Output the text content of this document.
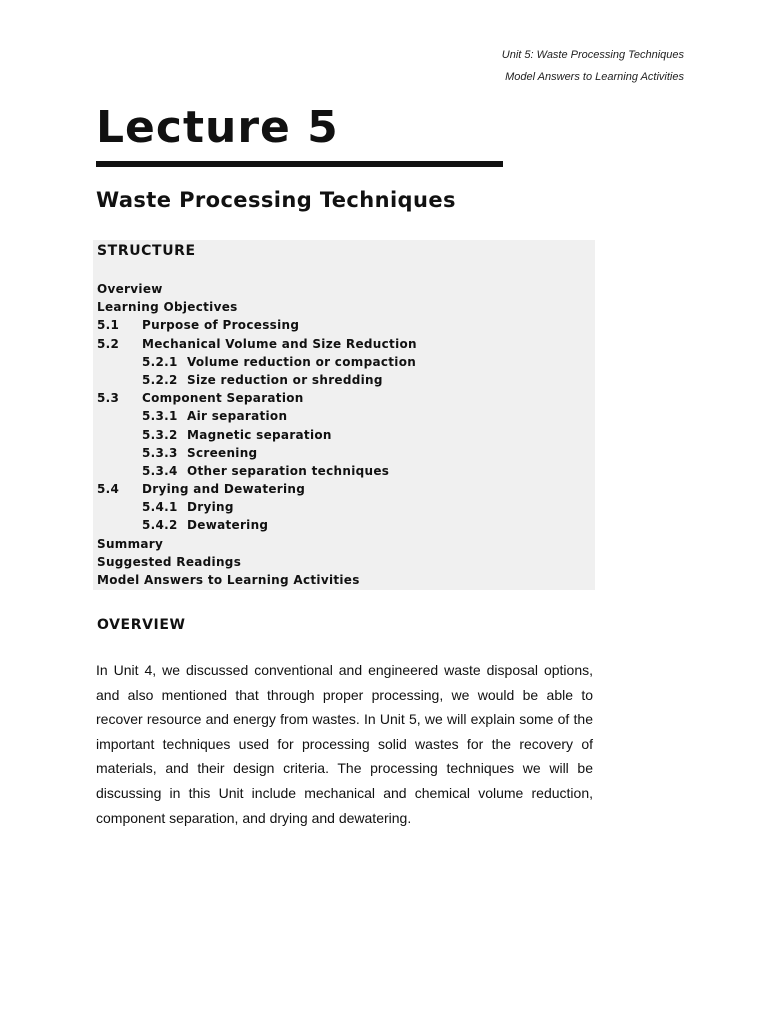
Unit 5: Waste Processing Techniques
Model Answers to Learning Activities
Lecture 5
Waste Processing Techniques
STRUCTURE
Overview
Learning Objectives
5.1 Purpose of Processing
5.2 Mechanical Volume and Size Reduction
5.2.1 Volume reduction or compaction
5.2.2 Size reduction or shredding
5.3 Component Separation
5.3.1 Air separation
5.3.2 Magnetic separation
5.3.3 Screening
5.3.4 Other separation techniques
5.4 Drying and Dewatering
5.4.1 Drying
5.4.2 Dewatering
Summary
Suggested Readings
Model Answers to Learning Activities
OVERVIEW

In Unit 4, we discussed conventional and engineered waste disposal options, and also mentioned that through proper processing, we would be able to recover resource and energy from wastes. In Unit 5, we will explain some of the important techniques used for processing solid wastes for the recovery of materials, and their design criteria. The processing techniques we will be discussing in this Unit include mechanical and chemical volume reduction, component separation, and drying and dewatering.
